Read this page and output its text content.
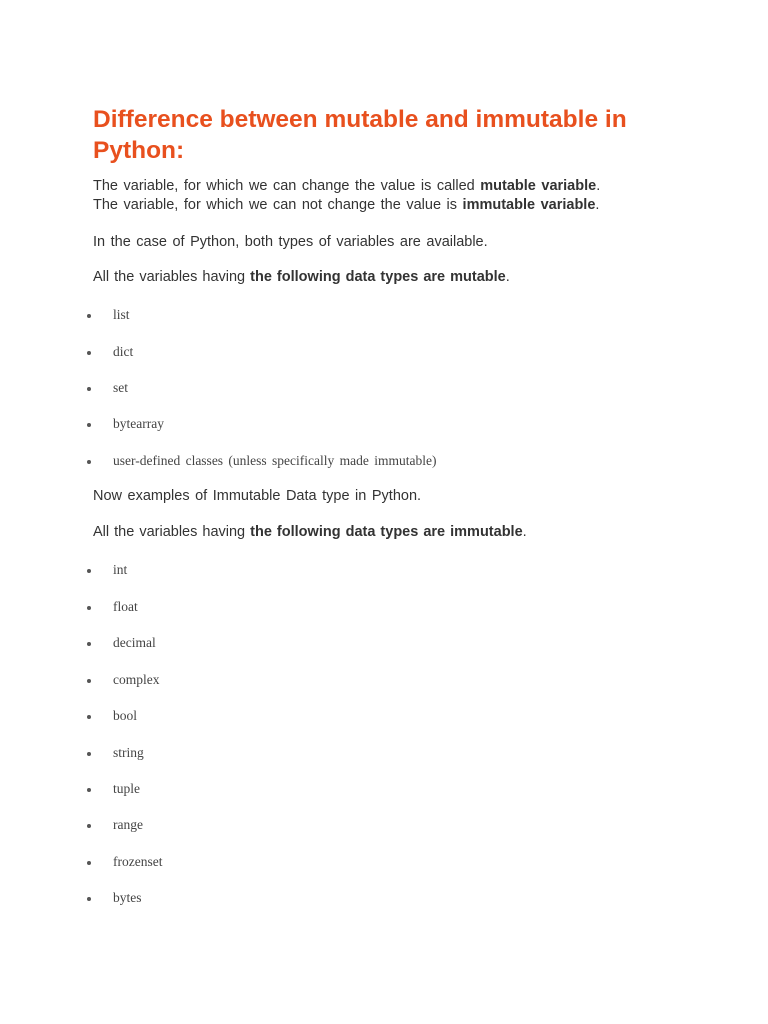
Difference between mutable and immutable in Python:

The variable, for which we can change the value is called mutable variable.
The variable, for which we can not change the value is immutable variable.

In the case of Python, both types of variables are available.

All the variables having the following data types are mutable.

list
dict
set
bytearray
user-defined classes (unless specifically made immutable)

Now examples of Immutable Data type in Python.

All the variables having the following data types are immutable.

int
float
decimal
complex
bool
string
tuple
range
frozenset
bytes
